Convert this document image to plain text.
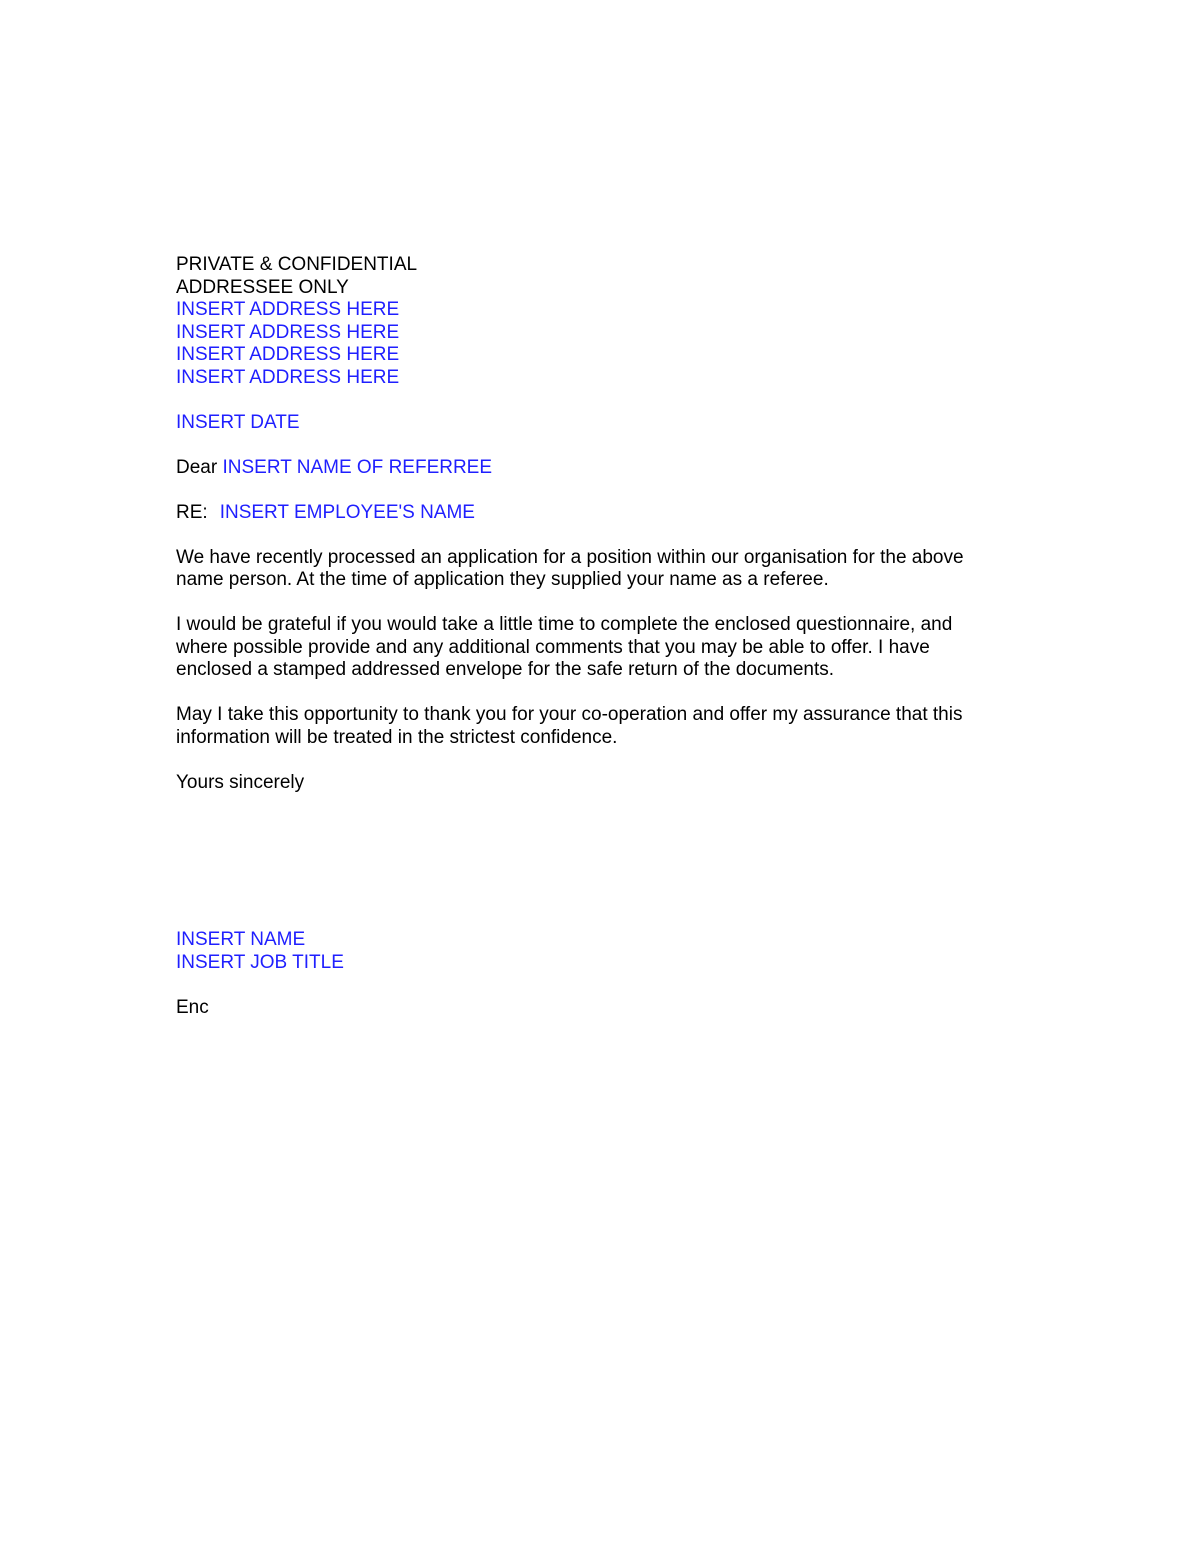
PRIVATE & CONFIDENTIAL
ADDRESSEE ONLY
INSERT ADDRESS HERE
INSERT ADDRESS HERE
INSERT ADDRESS HERE
INSERT ADDRESS HERE
INSERT DATE
Dear INSERT NAME OF REFERREE
RE: INSERT EMPLOYEE'S NAME

We have recently processed an application for a position within our organisation for the above name person. At the time of application they supplied your name as a referee.

I would be grateful if you would take a little time to complete the enclosed questionnaire, and where possible provide and any additional comments that you may be able to offer. I have enclosed a stamped addressed envelope for the safe return of the documents.

May I take this opportunity to thank you for your co-operation and offer my assurance that this information will be treated in the strictest confidence.

Yours sincerely
INSERT NAME
INSERT JOB TITLE
Enc
